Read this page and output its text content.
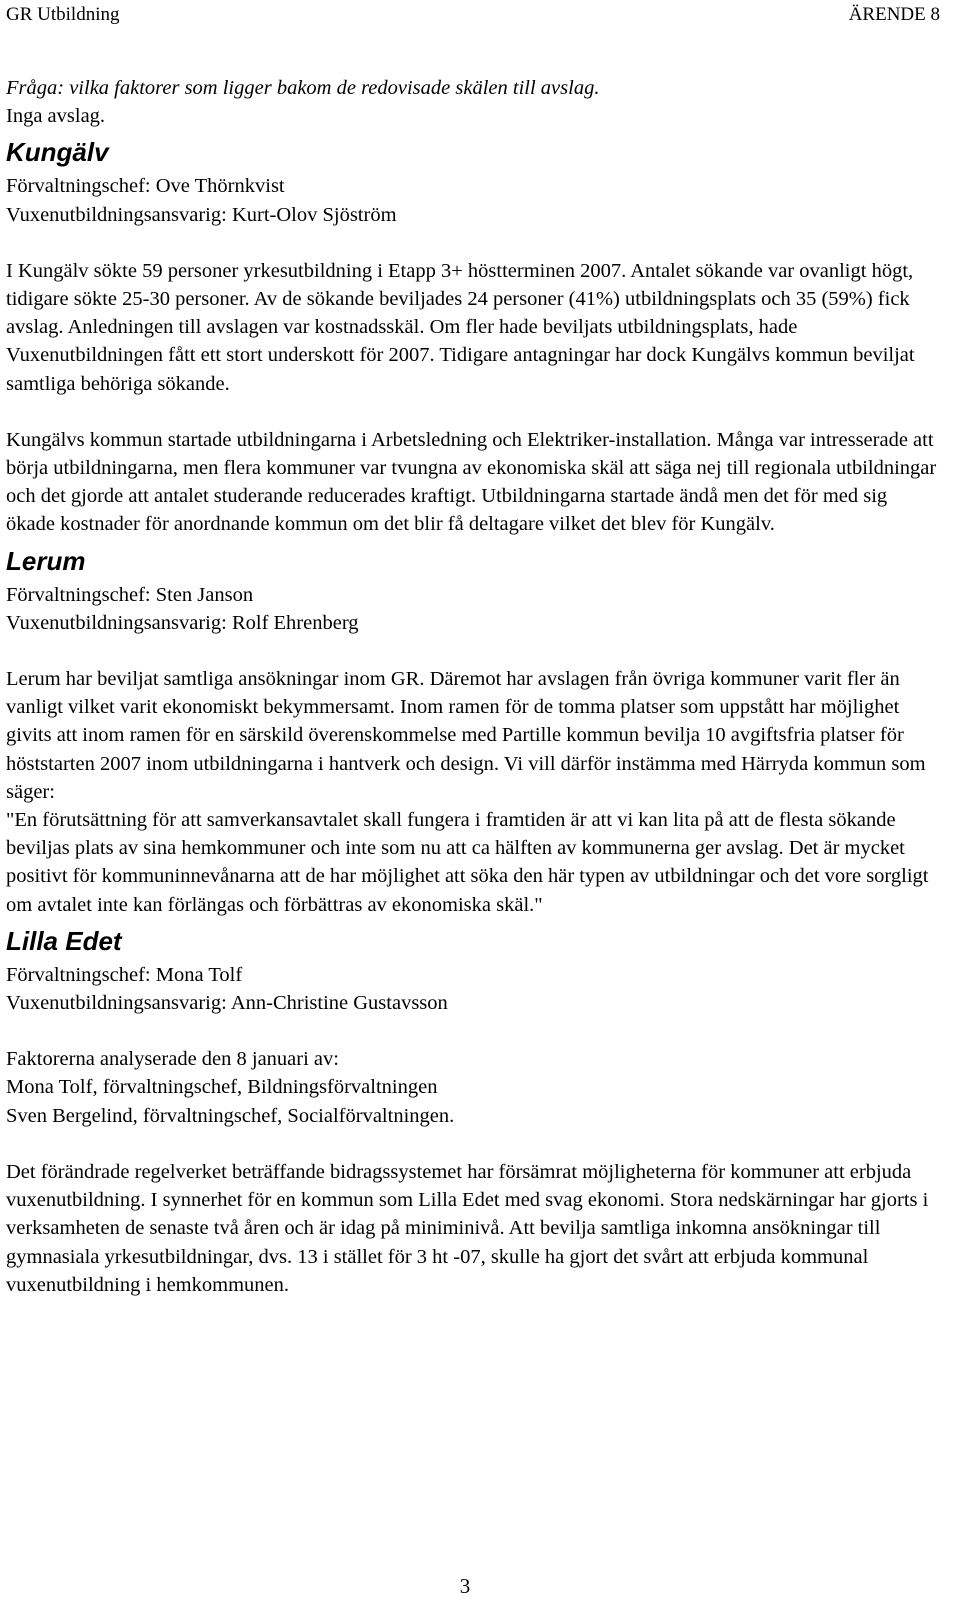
GR Utbildning	ÄRENDE 8

Fråga: vilka faktorer som ligger bakom de redovisade skälen till avslag.

Inga avslag.

Kungälv

Förvaltningschef: Ove Thörnkvist

Vuxenutbildningsansvarig: Kurt-Olov Sjöström

I Kungälv sökte 59 personer yrkesutbildning i Etapp 3+ höstterminen 2007. Antalet sökande var ovanligt högt, tidigare sökte 25-30 personer. Av de sökande beviljades 24 personer (41%) utbildningsplats och 35 (59%) fick avslag. Anledningen till avslagen var kostnadsskäl. Om fler hade beviljats utbildningsplats, hade Vuxenutbildningen fått ett stort underskott för 2007. Tidigare antagningar har dock Kungälvs kommun beviljat samtliga behöriga sökande.

Kungälvs kommun startade utbildningarna i Arbetsledning och Elektriker-installation. Många var intresserade att börja utbildningarna, men flera kommuner var tvungna av ekonomiska skäl att säga nej till regionala utbildningar och det gjorde att antalet studerande reducerades kraftigt. Utbildningarna startade ändå men det för med sig ökade kostnader för anordnande kommun om det blir få deltagare vilket det blev för Kungälv.

Lerum

Förvaltningschef: Sten Janson

Vuxenutbildningsansvarig: Rolf Ehrenberg

Lerum har beviljat samtliga ansökningar inom GR. Däremot har avslagen från övriga kommuner varit fler än vanligt vilket varit ekonomiskt bekymmersamt. Inom ramen för de tomma platser som uppstått har möjlighet givits att inom ramen för en särskild överenskommelse med Partille kommun bevilja 10 avgiftsfria platser för höststarten 2007 inom utbildningarna i hantverk och design. Vi vill därför instämma med Härryda kommun som säger:

"En förutsättning för att samverkansavtalet skall fungera i framtiden är att vi kan lita på att de flesta sökande beviljas plats av sina hemkommuner och inte som nu att ca hälften av kommunerna ger avslag. Det är mycket positivt för kommuninnevånarna att de har möjlighet att söka den här typen av utbildningar och det vore sorgligt om avtalet inte kan förlängas och förbättras av ekonomiska skäl."

Lilla Edet

Förvaltningschef: Mona Tolf

Vuxenutbildningsansvarig: Ann-Christine Gustavsson

Faktorerna analyserade den 8 januari av:

Mona Tolf, förvaltningschef, Bildningsförvaltningen

Sven Bergelind, förvaltningschef, Socialförvaltningen.

Det förändrade regelverket beträffande bidragssystemet har försämrat möjligheterna för kommuner att erbjuda vuxenutbildning. I synnerhet för en kommun som Lilla Edet med svag ekonomi. Stora nedskärningar har gjorts i verksamheten de senaste två åren och är idag på miniminivå. Att bevilja samtliga inkomna ansökningar till gymnasiala yrkesutbildningar, dvs. 13 i stället för 3 ht -07, skulle ha gjort det svårt att erbjuda kommunal vuxenutbildning i hemkommunen.

3
